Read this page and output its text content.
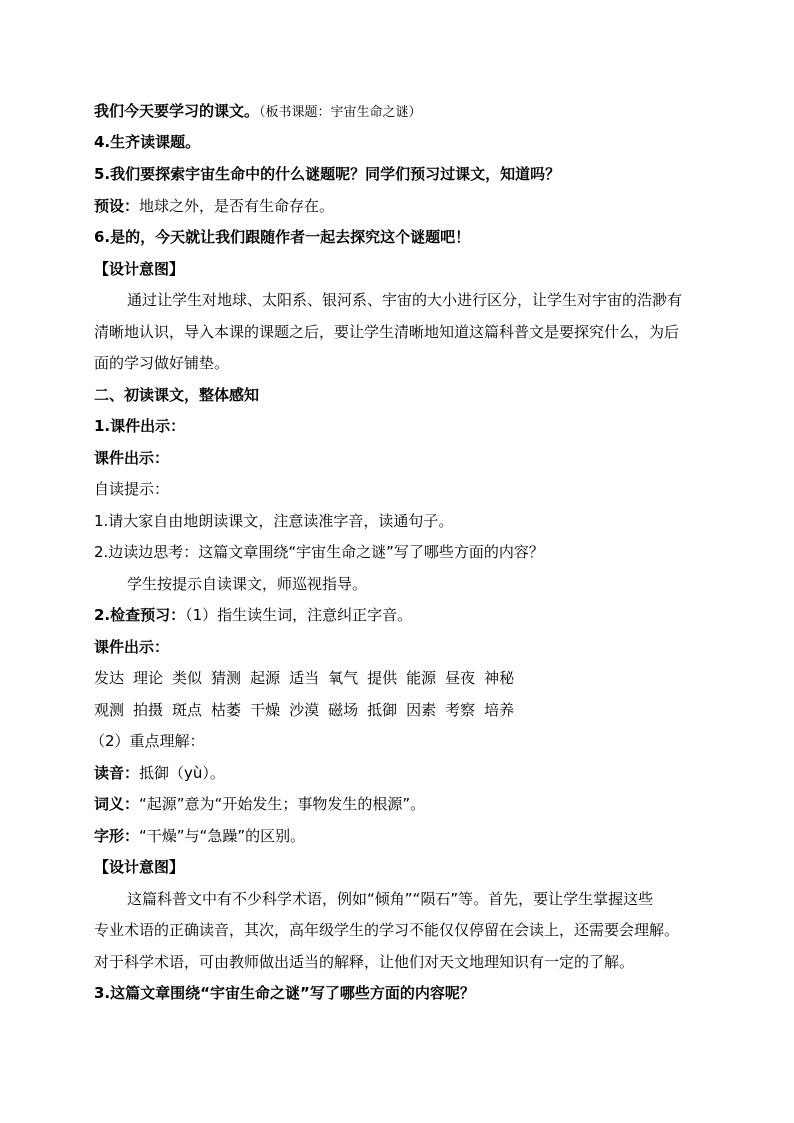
我们今天要学习的课文。（板书课题：宇宙生命之谜）
4.生齐读课题。
5.我们要探索宇宙生命中的什么谜题呢？同学们预习过课文，知道吗？
预设：地球之外，是否有生命存在。
6.是的，今天就让我们跟随作者一起去探究这个谜题吧！
【设计意图】
通过让学生对地球、太阳系、银河系、宇宙的大小进行区分，让学生对宇宙的浩渺有
清晰地认识，导入本课的课题之后，要让学生清晰地知道这篇科普文是要探究什么，为后
面的学习做好铺垫。
二、初读课文，整体感知
1.课件出示：
课件出示：
自读提示：
1.请大家自由地朗读课文，注意读准字音，读通句子。
2.边读边思考：这篇文章围绕“宇宙生命之谜”写了哪些方面的内容？
学生按提示自读课文，师巡视指导。
2.检查预习：（1）指生读生词，注意纠正字音。
课件出示：
发达 理论 类似 猜测 起源 适当 氧气 提供 能源 昼夜 神秘
观测 拍摄 斑点 枯萎 干燥 沙漠 磁场 抵御 因素 考察 培养
（2）重点理解：
读音：抵御（yù）。
词义：“起源”意为“开始发生；事物发生的根源”。
字形：“干燥”与“急躁”的区别。
【设计意图】
这篇科普文中有不少科学术语，例如“倾角”“陨石”等。首先，要让学生掌握这些
专业术语的正确读音，其次，高年级学生的学习不能仅仅停留在会读上，还需要会理解。
对于科学术语，可由教师做出适当的解释，让他们对天文地理知识有一定的了解。
3.这篇文章围绕“宇宙生命之谜”写了哪些方面的内容呢？
